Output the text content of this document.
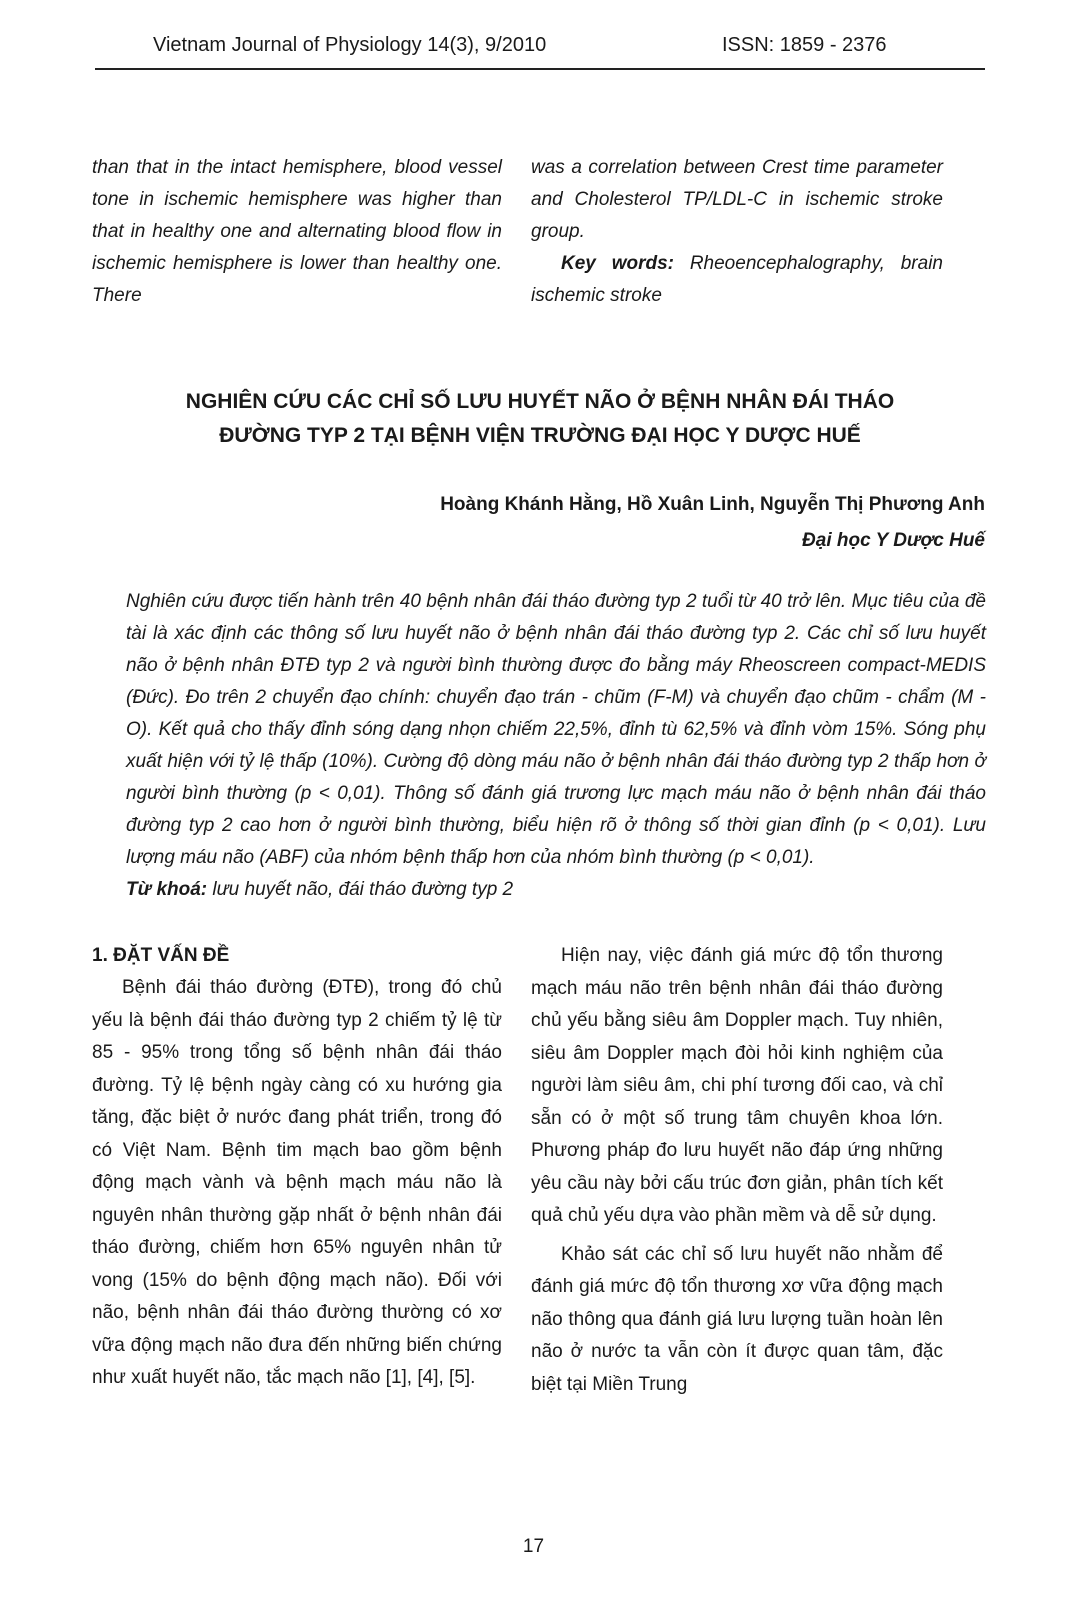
Vietnam Journal of Physiology 14(3), 9/2010	ISSN: 1859 - 2376

than that in the intact hemisphere, blood vessel tone in ischemic hemisphere was higher than that in healthy one and alternating blood flow in ischemic hemisphere is lower than healthy one. There

was a correlation between Crest time parameter and Cholesterol TP/LDL-C in ischemic stroke group.

Key words: Rheoencephalography, brain ischemic stroke

NGHIÊN CỨU CÁC CHỈ SỐ LƯU HUYẾT NÃO Ở BỆNH NHÂN ĐÁI THÁO
ĐƯỜNG TYP 2 TẠI BỆNH VIỆN TRƯỜNG ĐẠI HỌC Y DƯỢC HUẾ
Hoàng Khánh Hằng, Hồ Xuân Linh, Nguyễn Thị Phương Anh
Đại học Y Dược Huế

Nghiên cứu được tiến hành trên 40 bệnh nhân đái tháo đường typ 2 tuổi từ 40 trở lên. Mục tiêu của đề tài là xác định các thông số lưu huyết não ở bệnh nhân đái tháo đường typ 2. Các chỉ số lưu huyết não ở bệnh nhân ĐTĐ typ 2 và người bình thường được đo bằng máy Rheoscreen compact-MEDIS (Đức). Đo trên 2 chuyển đạo chính: chuyển đạo trán - chũm (F-M) và chuyển đạo chũm - chẩm (M - O). Kết quả cho thấy đỉnh sóng dạng nhọn chiếm 22,5%, đỉnh tù 62,5% và đỉnh vòm 15%. Sóng phụ xuất hiện với tỷ lệ thấp (10%). Cường độ dòng máu não ở bệnh nhân đái tháo đường typ 2 thấp hơn ở người bình thường (p < 0,01). Thông số đánh giá trương lực mạch máu não ở bệnh nhân đái tháo đường typ 2 cao hơn ở người bình thường, biểu hiện rõ ở thông số thời gian đỉnh (p < 0,01). Lưu lượng máu não (ABF) của nhóm bệnh thấp hơn của nhóm bình thường (p < 0,01).

Từ khoá: lưu huyết não, đái tháo đường typ 2

1. ĐẶT VẤN ĐỀ

Bệnh đái tháo đường (ĐTĐ), trong đó chủ yếu là bệnh đái tháo đường typ 2 chiếm tỷ lệ từ 85 - 95% trong tổng số bệnh nhân đái tháo đường. Tỷ lệ bệnh ngày càng có xu hướng gia tăng, đặc biệt ở nước đang phát triển, trong đó có Việt Nam. Bệnh tim mạch bao gồm bệnh động mạch vành và bệnh mạch máu não là nguyên nhân thường gặp nhất ở bệnh nhân đái tháo đường, chiếm hơn 65% nguyên nhân tử vong (15% do bệnh động mạch não). Đối với não, bệnh nhân đái tháo đường thường có xơ vữa động mạch não đưa đến những biến chứng như xuất huyết não, tắc mạch não [1], [4], [5].

Hiện nay, việc đánh giá mức độ tổn thương mạch máu não trên bệnh nhân đái tháo đường chủ yếu bằng siêu âm Doppler mạch. Tuy nhiên, siêu âm Doppler mạch đòi hỏi kinh nghiệm của người làm siêu âm, chi phí tương đối cao, và chỉ sẵn có ở một số trung tâm chuyên khoa lớn. Phương pháp đo lưu huyết não đáp ứng những yêu cầu này bởi cấu trúc đơn giản, phân tích kết quả chủ yếu dựa vào phần mềm và dễ sử dụng.

Khảo sát các chỉ số lưu huyết não nhằm để đánh giá mức độ tổn thương xơ vữa động mạch não thông qua đánh giá lưu lượng tuần hoàn lên não ở nước ta vẫn còn ít được quan tâm, đặc biệt tại Miền Trung

17
